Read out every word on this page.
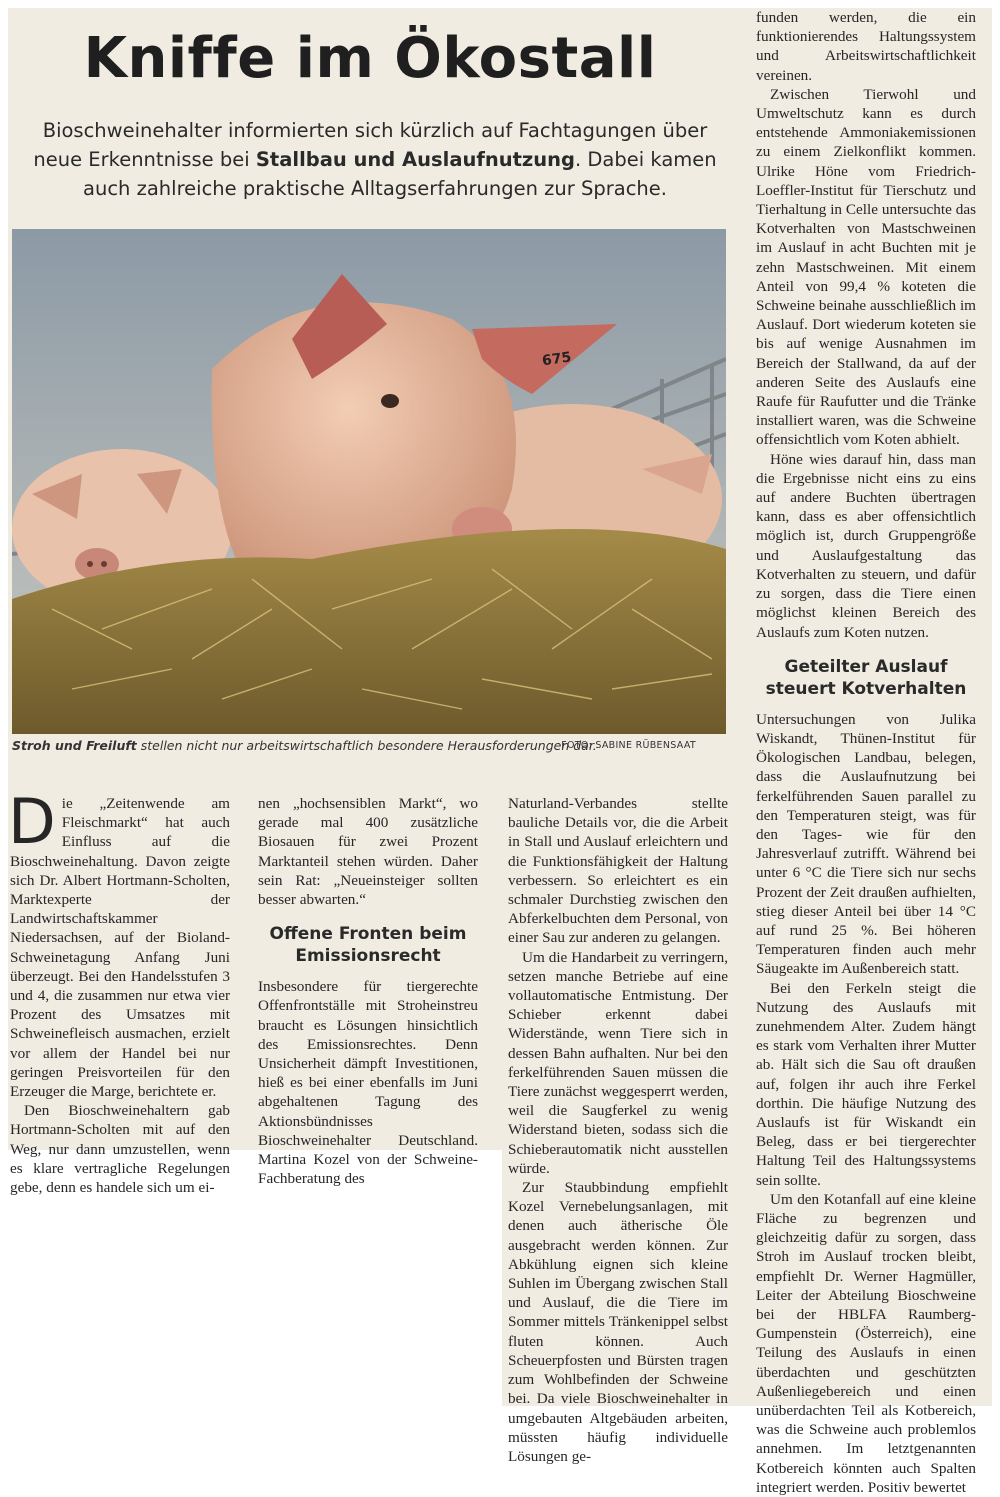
Kniffe im Ökostall

Bioschweinehalter informierten sich kürzlich auf Fachtagungen über neue Erkenntnisse bei Stallbau und Auslaufnutzung. Dabei kamen auch zahlreiche praktische Alltagserfahrungen zur Sprache.

675
Stroh und Freiluft stellen nicht nur arbeitswirtschaftlich besondere Herausforderungen dar.
FOTO: SABINE RÜBENSAAT

Die „Zeitenwende am Fleischmarkt“ hat auch Einfluss auf die Bioschweinehaltung. Davon zeigte sich Dr. Albert Hortmann-Scholten, Marktexperte der Landwirtschaftskammer Niedersachsen, auf der Bioland-Schweinetagung Anfang Juni überzeugt. Bei den Handelsstufen 3 und 4, die zusammen nur etwa vier Prozent des Umsatzes mit Schweinefleisch ausmachen, erzielt vor allem der Handel bei nur geringen Preisvorteilen für den Erzeuger die Marge, berichtete er.

Den Bioschweinehaltern gab Hortmann-Scholten mit auf den Weg, nur dann umzustellen, wenn es klare vertragliche Regelungen gebe, denn es handele sich um ei-

nen „hochsensiblen Markt“, wo gerade mal 400 zusätzliche Biosauen für zwei Prozent Marktanteil stehen würden. Daher sein Rat: „Neueinsteiger sollten besser abwarten.“

Offene Fronten beim Emissionsrecht

Insbesondere für tiergerechte Offenfrontställe mit Stroheinstreu braucht es Lösungen hinsichtlich des Emissionsrechtes. Denn Unsicherheit dämpft Investitionen, hieß es bei einer ebenfalls im Juni abgehaltenen Tagung des Aktionsbündnisses Bioschweinehalter Deutschland. Martina Kozel von der Schweine-Fachberatung des

Naturland-Verbandes stellte bauliche Details vor, die die Arbeit in Stall und Auslauf erleichtern und die Funktionsfähigkeit der Haltung verbessern. So erleichtert es ein schmaler Durchstieg zwischen den Abferkelbuchten dem Personal, von einer Sau zur anderen zu gelangen.

Um die Handarbeit zu verringern, setzen manche Betriebe auf eine vollautomatische Entmistung. Der Schieber erkennt dabei Widerstände, wenn Tiere sich in dessen Bahn aufhalten. Nur bei den ferkelführenden Sauen müssen die Tiere zunächst weggesperrt werden, weil die Saugferkel zu wenig Widerstand bieten, sodass sich die Schieberautomatik nicht ausstellen würde.

Zur Staubbindung empfiehlt Kozel Vernebelungsanlagen, mit denen auch ätherische Öle ausgebracht werden können. Zur Abkühlung eignen sich kleine Suhlen im Übergang zwischen Stall und Auslauf, die die Tiere im Sommer mittels Tränkenippel selbst fluten können. Auch Scheuerpfosten und Bürsten tragen zum Wohlbefinden der Schweine bei. Da viele Bioschweinehalter in umgebauten Altgebäuden arbeiten, müssten häufig individuelle Lösungen ge-

funden werden, die ein funktionierendes Haltungssystem und Arbeitswirtschaftlichkeit vereinen.

Zwischen Tierwohl und Umweltschutz kann es durch entstehende Ammoniakemissionen zu einem Zielkonflikt kommen. Ulrike Höne vom Friedrich-Loeffler-Institut für Tierschutz und Tierhaltung in Celle untersuchte das Kotverhalten von Mastschweinen im Auslauf in acht Buchten mit je zehn Mastschweinen. Mit einem Anteil von 99,4 % koteten die Schweine beinahe ausschließlich im Auslauf. Dort wiederum koteten sie bis auf wenige Ausnahmen im Bereich der Stallwand, da auf der anderen Seite des Auslaufs eine Raufe für Raufutter und die Tränke installiert waren, was die Schweine offensichtlich vom Koten abhielt.

Höne wies darauf hin, dass man die Ergebnisse nicht eins zu eins auf andere Buchten übertragen kann, dass es aber offensichtlich möglich ist, durch Gruppengröße und Auslaufgestaltung das Kotverhalten zu steuern, und dafür zu sorgen, dass die Tiere einen möglichst kleinen Bereich des Auslaufs zum Koten nutzen.

Geteilter Auslauf steuert Kotverhalten

Untersuchungen von Julika Wiskandt, Thünen-Institut für Ökologischen Landbau, belegen, dass die Auslaufnutzung bei ferkelführenden Sauen parallel zu den Temperaturen steigt, was für den Tages- wie für den Jahresverlauf zutrifft. Während bei unter 6 °C die Tiere sich nur sechs Prozent der Zeit draußen aufhielten, stieg dieser Anteil bei über 14 °C auf rund 25 %. Bei höheren Temperaturen finden auch mehr Säugeakte im Außenbereich statt.

Bei den Ferkeln steigt die Nutzung des Auslaufs mit zunehmendem Alter. Zudem hängt es stark vom Verhalten ihrer Mutter ab. Hält sich die Sau oft draußen auf, folgen ihr auch ihre Ferkel dorthin. Die häufige Nutzung des Auslaufs ist für Wiskandt ein Beleg, dass er bei tiergerechter Haltung Teil des Haltungssystems sein sollte.

Um den Kotanfall auf eine kleine Fläche zu begrenzen und gleichzeitig dafür zu sorgen, dass Stroh im Auslauf trocken bleibt, empfiehlt Dr. Werner Hagmüller, Leiter der Abteilung Bioschweine bei der HBLFA Raumberg-Gumpenstein (Österreich), eine Teilung des Auslaufs in einen überdachten und geschützten Außenliegebereich und einen unüberdachten Teil als Kotbereich, was die Schweine auch problemlos annehmen. Im letztgenannten Kotbereich könnten auch Spalten integriert werden. Positiv bewertet
